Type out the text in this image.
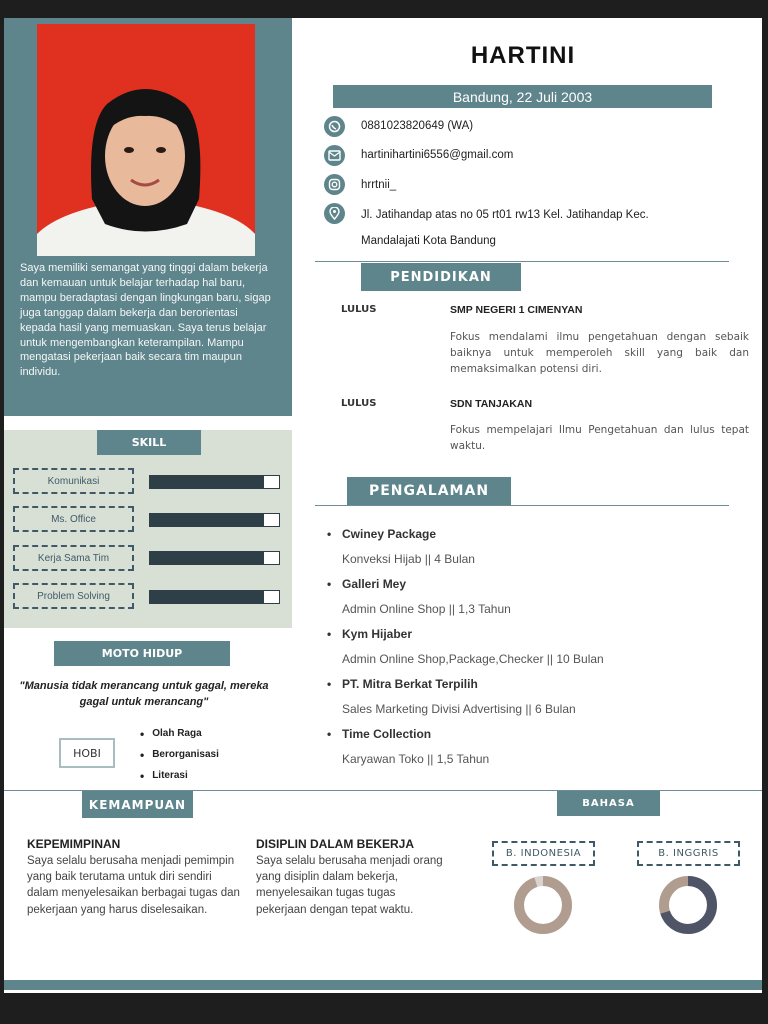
Saya memiliki semangat yang tinggi dalam bekerja dan kemauan untuk belajar terhadap hal baru, mampu beradaptasi dengan lingkungan baru, sigap juga tanggap dalam bekerja dan berorientasi kepada hasil yang memuaskan. Saya terus belajar untuk mengembangkan keterampilan. Mampu mengatasi pekerjaan baik secara tim maupun individu.
SKILL
Komunikasi
Ms. Office
Kerja Sama Tim
Problem Solving
MOTO HIDUP
"Manusia tidak merancang untuk gagal, mereka gagal untuk merancang"
HOBI
• Olah Raga
• Berorganisasi
• Literasi
HARTINI
Bandung, 22 Juli 2003
0881023820649 (WA)
hartinihartini6556@gmail.com
hrrtnii_
Jl. Jatihandap atas no 05 rt01 rw13 Kel. Jatihandap Kec.
Mandalajati Kota Bandung
PENDIDIKAN
LULUS	SMP NEGERI 1 CIMENYAN
Fokus mendalami ilmu pengetahuan dengan sebaik baiknya untuk memperoleh skill yang baik dan memaksimalkan potensi diri.
LULUS	SDN TANJAKAN
Fokus mempelajari Ilmu Pengetahuan dan lulus tepat waktu.
PENGALAMAN
• Cwiney Package
Konveksi Hijab || 4 Bulan
• Galleri Mey
Admin Online Shop || 1,3 Tahun
• Kym Hijaber
Admin Online Shop,Package,Checker || 10 Bulan
• PT. Mitra Berkat Terpilih
Sales Marketing Divisi Advertising || 6 Bulan
• Time Collection
Karyawan Toko || 1,5 Tahun
KEMAMPUAN	BAHASA
KEPEMIMPINAN
Saya selalu berusaha menjadi pemimpin yang baik terutama untuk diri sendiri dalam menyelesaikan berbagai tugas dan pekerjaan yang harus diselesaikan.
DISIPLIN DALAM BEKERJA
Saya selalu berusaha menjadi orang yang disiplin dalam bekerja, menyelesaikan tugas tugas pekerjaan dengan tepat waktu.
B. INDONESIA	B. INGGRIS
